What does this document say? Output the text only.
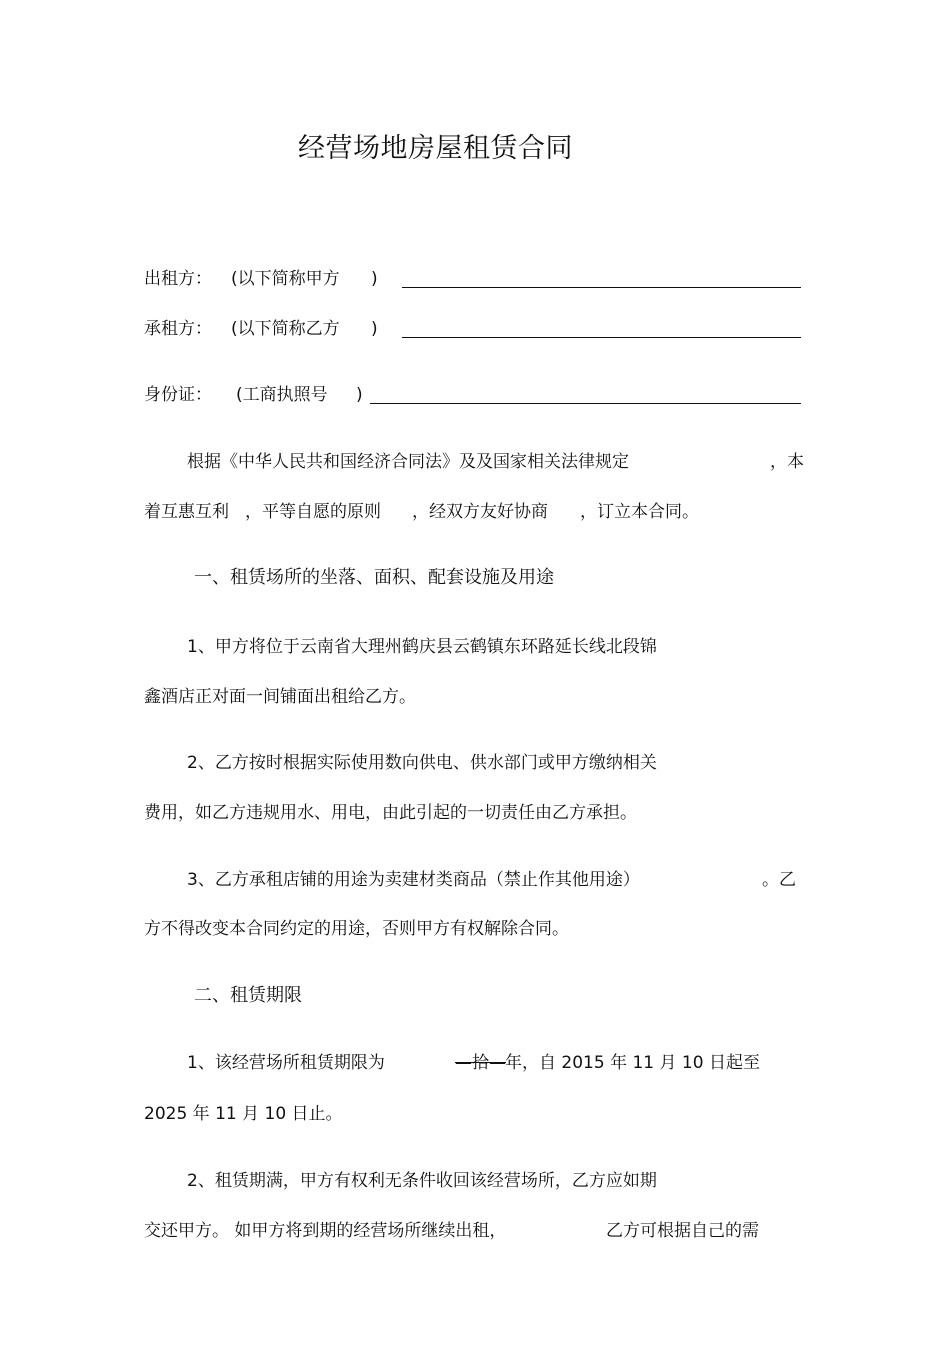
经营场地房屋租赁合同
出租方： (以下简称甲方 )
承租方： (以下简称乙方 )
身份证： (工商执照号 )
根据《中华人民共和国经济合同法》及及国家相关法律规定	，本
着互惠互利 ，平等自愿的原则 ，经双方友好协商 ，订立本合同。
一、租赁场所的坐落、面积、配套设施及用途
1、甲方将位于云南省大理州鹤庆县云鹤镇东环路延长线北段锦
鑫酒店正对面一间铺面出租给乙方。
2、乙方按时根据实际使用数向供电、供水部门或甲方缴纳相关
费用，如乙方违规用水、用电，由此引起的一切责任由乙方承担。
3、乙方承租店铺的用途为卖建材类商品（禁止作其他用途）	。乙
方不得改变本合同约定的用途，否则甲方有权解除合同。
二、租赁期限
1、该经营场所租赁期限为	—拾— 年，自 2015 年 11 月 10 日起至
2025 年 11 月 10 日止。
2、租赁期满，甲方有权利无条件收回该经营场所，乙方应如期
交还甲方。 如甲方将到期的经营场所继续出租，	乙方可根据自己的需
